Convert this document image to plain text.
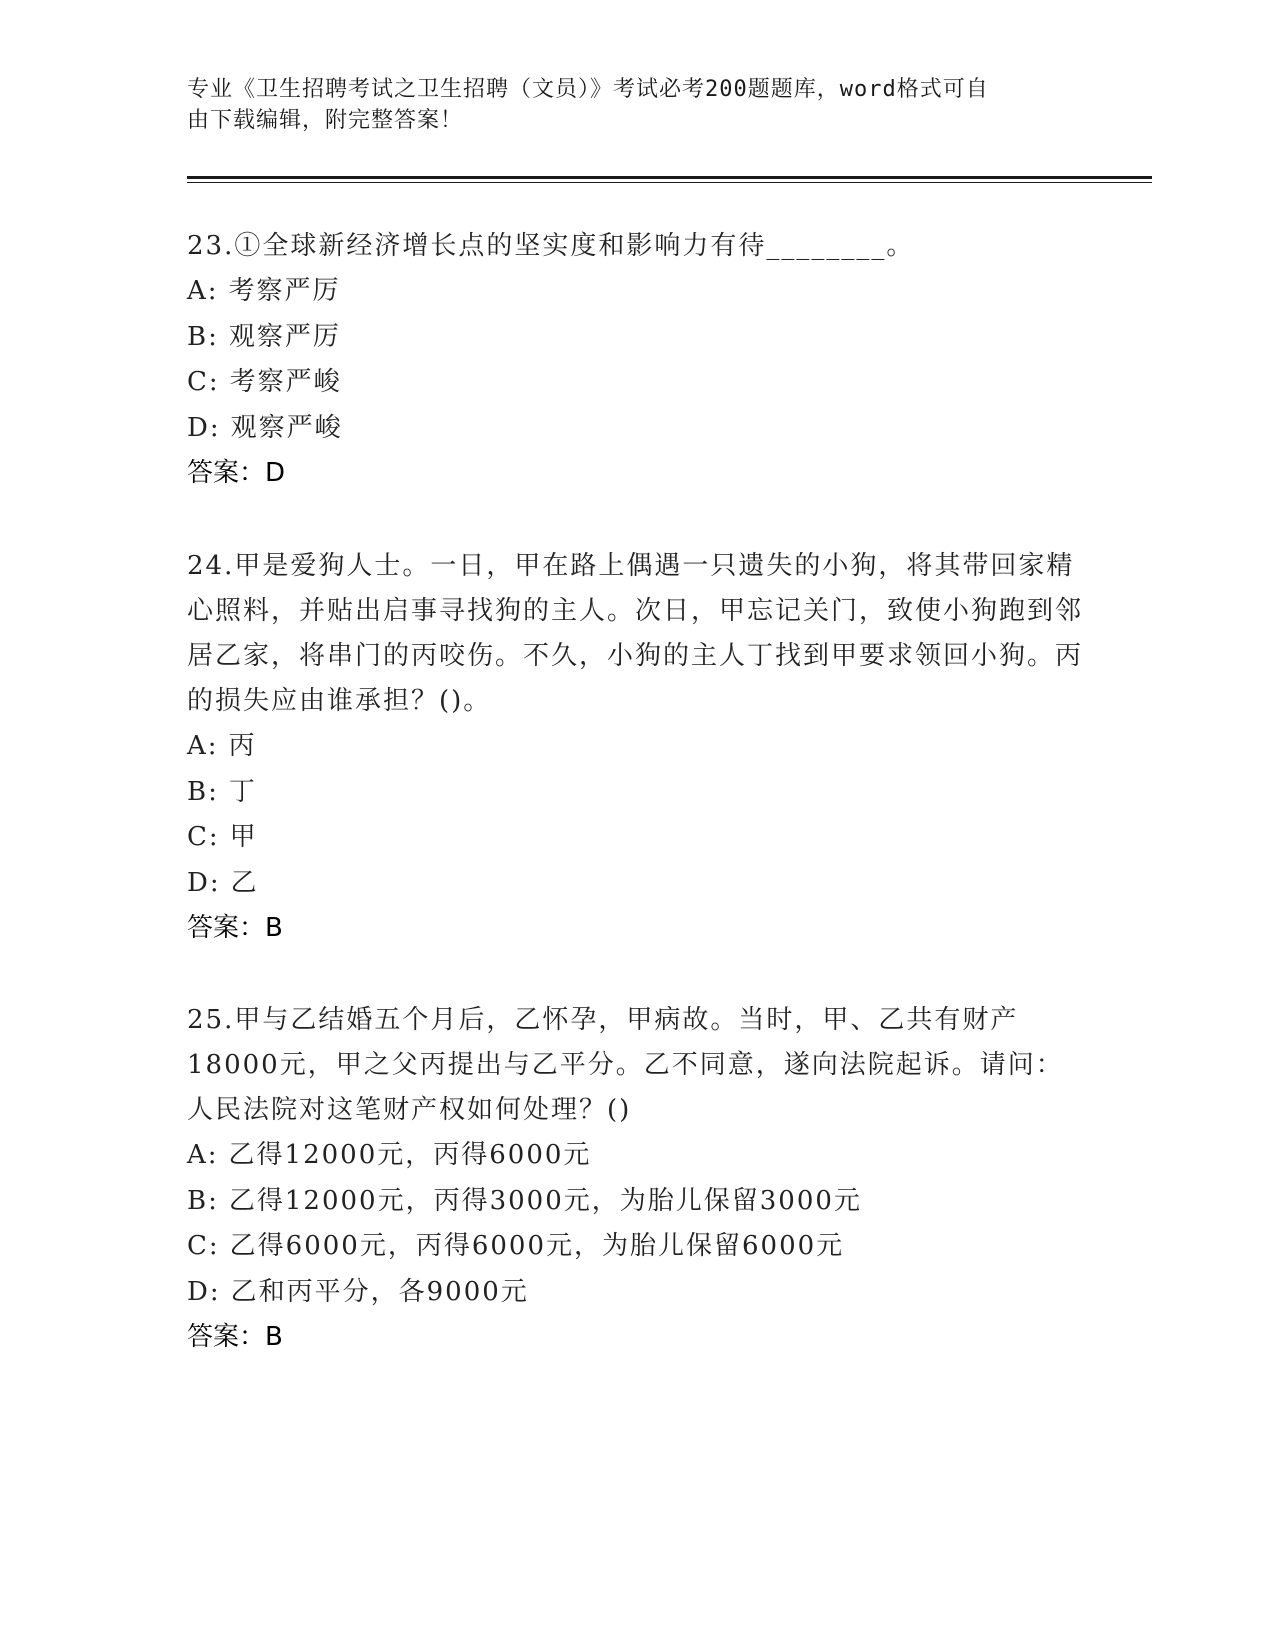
专业《卫生招聘考试之卫生招聘（文员）》考试必考200题题库，word格式可自
由下载编辑，附完整答案！

23.①全球新经济增长点的坚实度和影响力有待________。

A: 考察严厉
B: 观察严厉
C: 考察严峻
D: 观察严峻
答案：D

24.甲是爱狗人士。一日，甲在路上偶遇一只遗失的小狗，将其带回家精心照料，并贴出启事寻找狗的主人。次日，甲忘记关门，致使小狗跑到邻居乙家，将串门的丙咬伤。不久，小狗的主人丁找到甲要求领回小狗。丙的损失应由谁承担？()。

A: 丙
B: 丁
C: 甲
D: 乙
答案：B

25.甲与乙结婚五个月后，乙怀孕，甲病故。当时，甲、乙共有财产18000元，甲之父丙提出与乙平分。乙不同意，遂向法院起诉。请问：人民法院对这笔财产权如何处理？()

A: 乙得12000元，丙得6000元
B: 乙得12000元，丙得3000元，为胎儿保留3000元
C: 乙得6000元，丙得6000元，为胎儿保留6000元
D: 乙和丙平分，各9000元
答案：B
